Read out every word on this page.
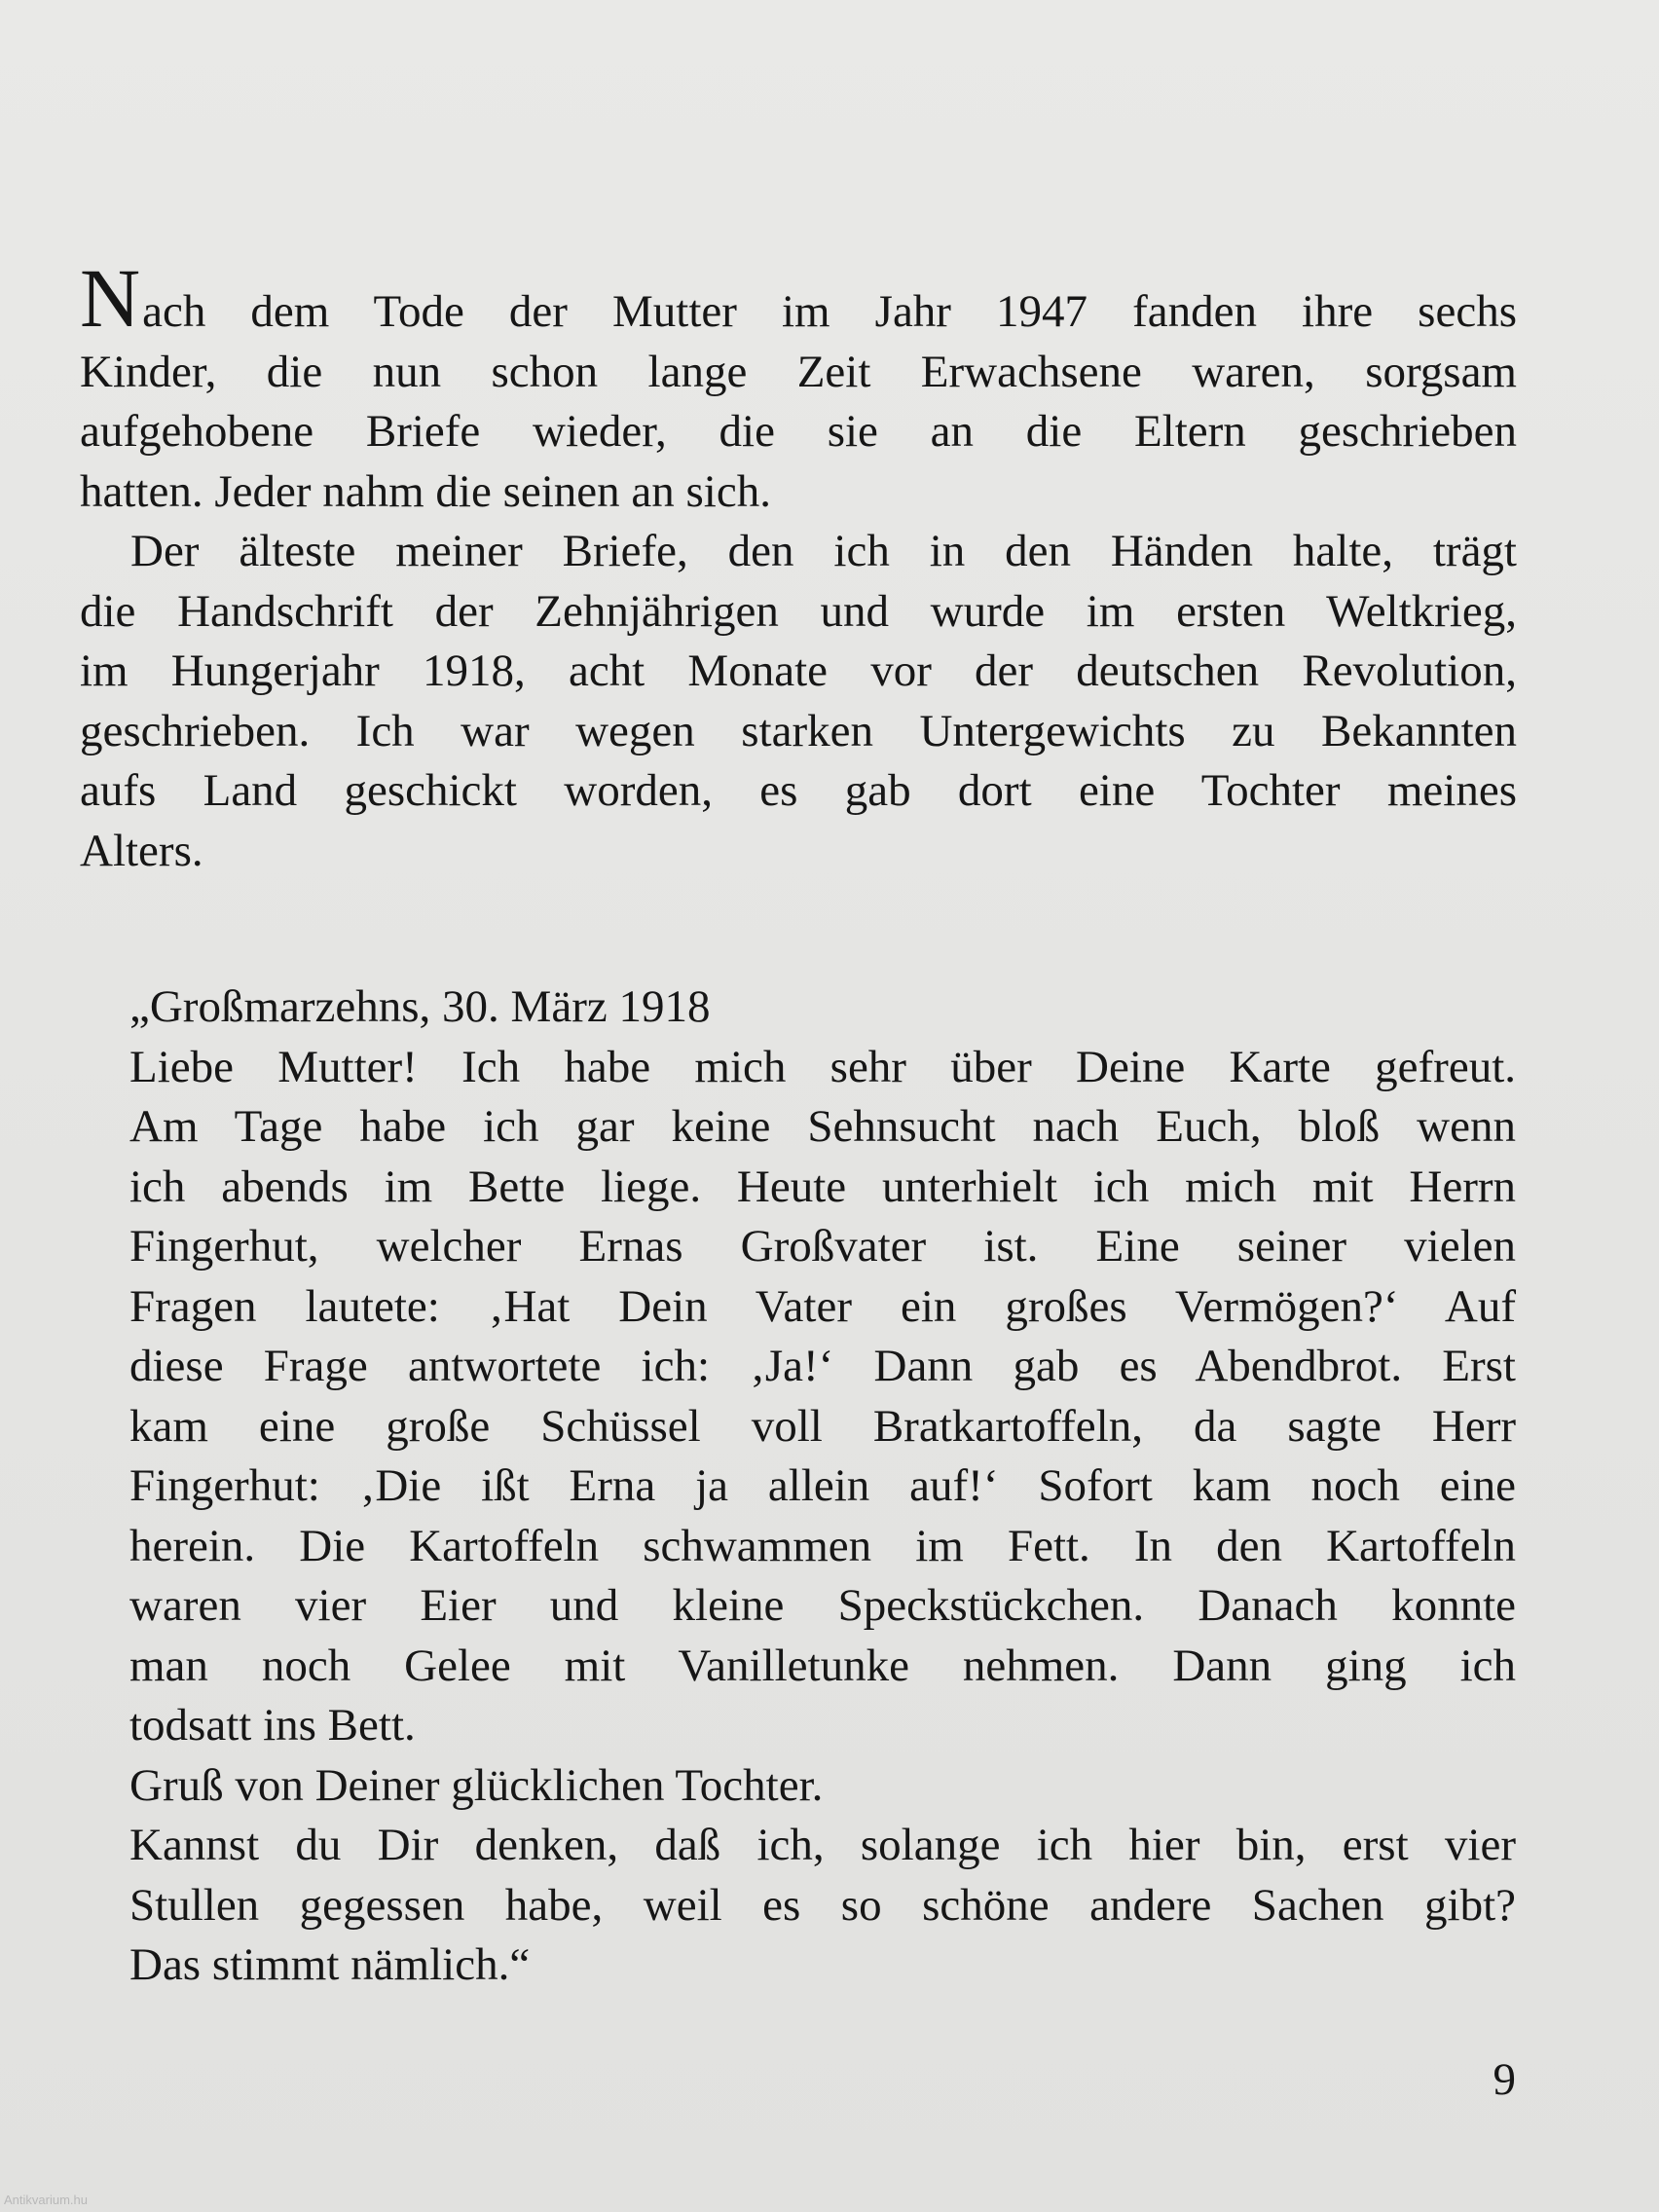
Nach dem Tode der Mutter im Jahr 1947 fanden ihre sechs
Kinder, die nun schon lange Zeit Erwachsene waren, sorgsam
aufgehobene Briefe wieder, die sie an die Eltern geschrieben
hatten. Jeder nahm die seinen an sich.
Der älteste meiner Briefe, den ich in den Händen halte, trägt
die Handschrift der Zehnjährigen und wurde im ersten Weltkrieg,
im Hungerjahr 1918, acht Monate vor der deutschen Revolution,
geschrieben. Ich war wegen starken Untergewichts zu Bekannten
aufs Land geschickt worden, es gab dort eine Tochter meines
Alters.
„Großmarzehns, 30. März 1918
Liebe Mutter! Ich habe mich sehr über Deine Karte gefreut.
Am Tage habe ich gar keine Sehnsucht nach Euch, bloß wenn
ich abends im Bette liege. Heute unterhielt ich mich mit Herrn
Fingerhut, welcher Ernas Großvater ist. Eine seiner vielen
Fragen lautete: ‚Hat Dein Vater ein großes Vermögen?‘ Auf
diese Frage antwortete ich: ‚Ja!‘ Dann gab es Abendbrot. Erst
kam eine große Schüssel voll Bratkartoffeln, da sagte Herr
Fingerhut: ‚Die ißt Erna ja allein auf!‘ Sofort kam noch eine
herein. Die Kartoffeln schwammen im Fett. In den Kartoffeln
waren vier Eier und kleine Speckstückchen. Danach konnte
man noch Gelee mit Vanilletunke nehmen. Dann ging ich
todsatt ins Bett.
Gruß von Deiner glücklichen Tochter.
Kannst du Dir denken, daß ich, solange ich hier bin, erst vier
Stullen gegessen habe, weil es so schöne andere Sachen gibt?
Das stimmt nämlich.“
9
Antikvarium.hu
